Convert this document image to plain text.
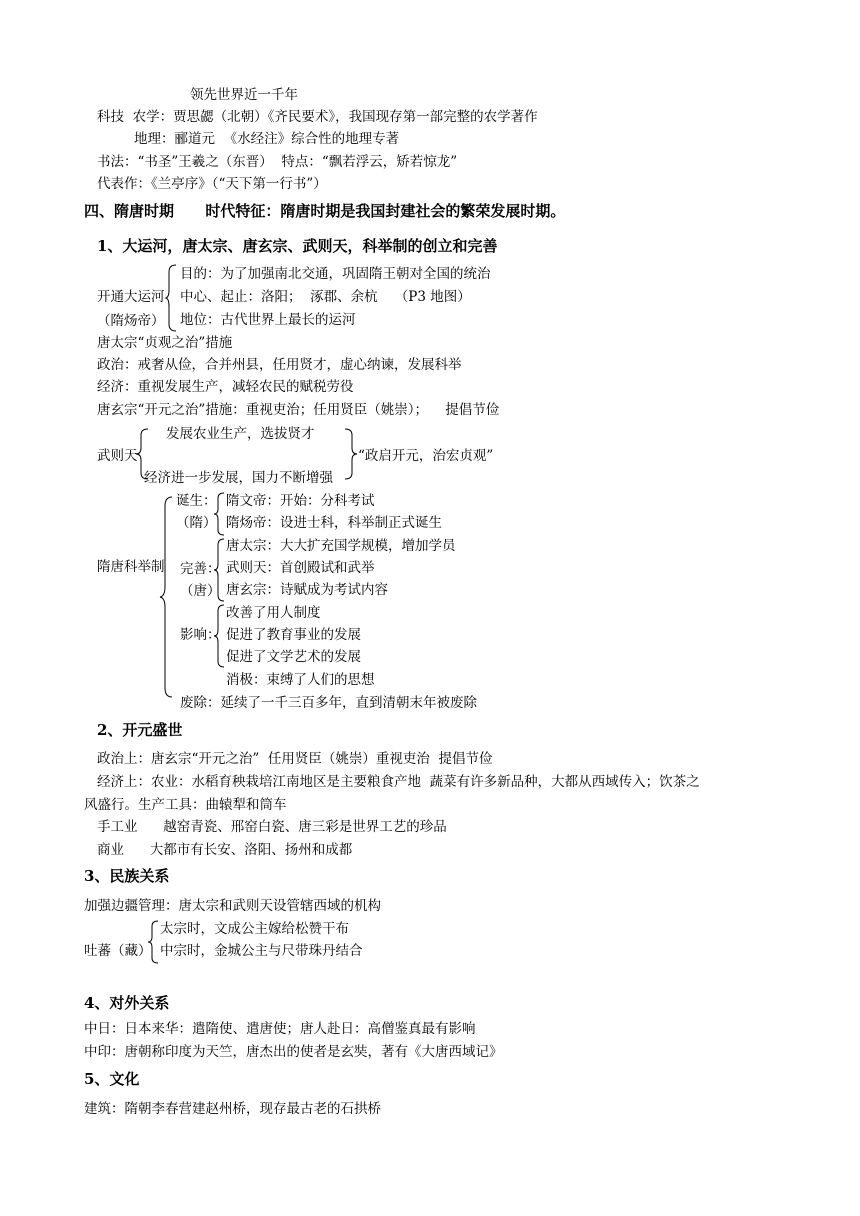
领先世界近一千年
科技  农学：贾思勰（北朝）《齐民要术》，我国现存第一部完整的农学著作
地理：郦道元  《水经注》综合性的地理专著
书法：“书圣”王羲之（东晋）  特点：“飘若浮云，矫若惊龙”
代表作：《兰亭序》（“天下第一行书”）
四、隋唐时期      时代特征：隋唐时期是我国封建社会的繁荣发展时期。
1、大运河，唐太宗、唐玄宗、武则天，科举制的创立和完善
开通大运河
（隋炀帝）
目的：为了加强南北交通，巩固隋王朝对全国的统治
中心、起止：洛阳；  涿郡、余杭    （P3 地图）
地位：古代世界上最长的运河
唐太宗“贞观之治”措施
政治：戒奢从俭，合并州县，任用贤才，虚心纳谏，发展科举
经济：重视发展生产，减轻农民的赋税劳役
唐玄宗“开元之治”措施：重视吏治；任用贤臣（姚崇）；    提倡节俭
武则天
发展农业生产，选拔贤才
经济进一步发展，国力不断增强
“政启开元，治宏贞观”
隋唐科举制
诞生：
（隋）
隋文帝：开始：分科考试
隋炀帝：设进士科，科举制正式诞生
完善：
（唐）
唐太宗：大大扩充国学规模，增加学员
武则天：首创殿试和武举
唐玄宗：诗赋成为考试内容
影响：
改善了用人制度
促进了教育事业的发展
促进了文学艺术的发展
消极：束缚了人们的思想
废除：延续了一千三百多年，直到清朝末年被废除
2、开元盛世
政治上：唐玄宗“开元之治”  任用贤臣（姚崇）重视吏治  提倡节俭
经济上：农业：水稻育秧栽培江南地区是主要粮食产地  蔬菜有许多新品种，大都从西域传入；饮茶之
风盛行。生产工具：曲辕犁和筒车
手工业      越窑青瓷、邢窑白瓷、唐三彩是世界工艺的珍品
商业      大都市有长安、洛阳、扬州和成都
3、民族关系
加强边疆管理：唐太宗和武则天设管辖西域的机构
吐蕃（藏）
太宗时，文成公主嫁给松赞干布
中宗时，金城公主与尺带珠丹结合
4、对外关系
中日：日本来华：遣隋使、遣唐使；唐人赴日：高僧鉴真最有影响
中印：唐朝称印度为天竺，唐杰出的使者是玄奘，著有《大唐西域记》
5、文化
建筑：隋朝李春营建赵州桥，现存最古老的石拱桥
